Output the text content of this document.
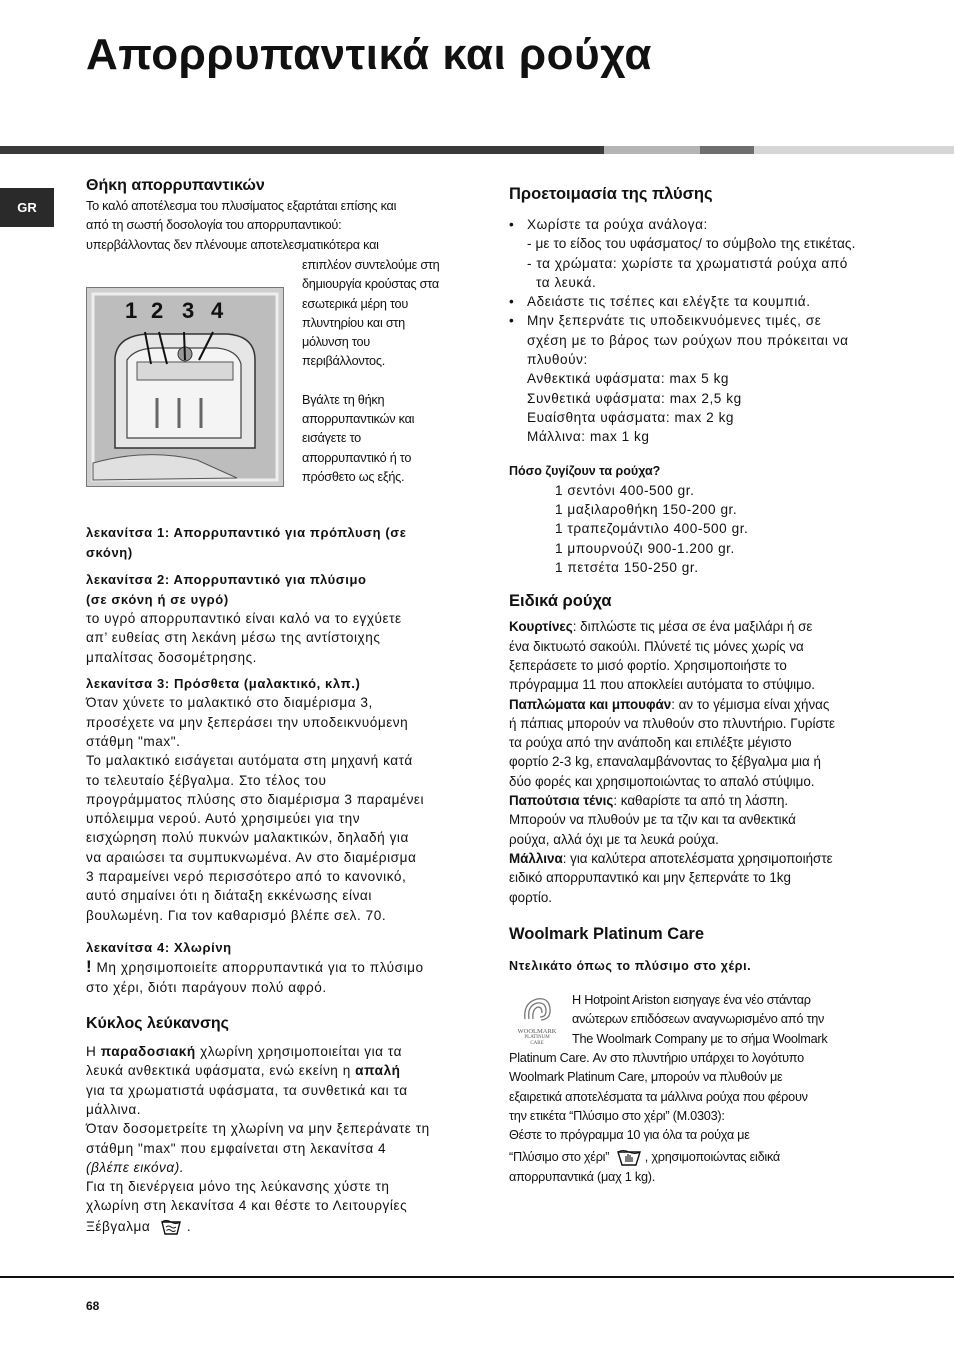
Απορρυπαντικά και ρούχα
GR
Θήκη απορρυπαντικών
Το καλό αποτέλεσμα του πλυσίματος εξαρτάται επίσης και
από τη σωστή δοσολογία του απορρυπαντικού:
υπερβάλλοντας δεν πλένουμε αποτελεσματικότερα και
1 2 3 4
επιπλέον συντελούμε στη
δημιουργία κρούστας στα
εσωτερικά μέρη του
πλυντηρίου και στη
μόλυνση του
περιβάλλοντος.
Βγάλτε τη θήκη
απορρυπαντικών και
εισάγετε το
απορρυπαντικό ή το
πρόσθετο ως εξής.
λεκανίτσα 1: Απορρυπαντικό για πρόπλυση (σε
σκόνη)
λεκανίτσα 2: Απορρυπαντικό για πλύσιμο
(σε σκόνη ή σε υγρό)
το υγρό απορρυπαντικό είναι καλό να το εγχύετε
απ’ ευθείας στη λεκάνη μέσω της αντίστοιχης
μπαλίτσας δοσομέτρησης.
λεκανίτσα 3: Πρόσθετα (μαλακτικό, κλπ.)
Όταν χύνετε το μαλακτικό στο διαμέρισμα 3,
προσέχετε να μην ξεπεράσει την υποδεικνυόμενη
στάθμη "max".
Το μαλακτικό εισάγεται αυτόματα στη μηχανή κατά
το τελευταίο ξέβγαλμα. Στο τέλος του
προγράμματος πλύσης στο διαμέρισμα 3 παραμένει
υπόλειμμα νερού. Αυτό χρησιμεύει για την
εισχώρηση πολύ πυκνών μαλακτικών, δηλαδή για
να αραιώσει τα συμπυκνωμένα. Αν στο διαμέρισμα
3 παραμείνει νερό περισσότερο από το κανονικό,
αυτό σημαίνει ότι η διάταξη εκκένωσης είναι
βουλωμένη. Για τον καθαρισμό βλέπε σελ. 70.
λεκανίτσα 4: Χλωρίνη
! Μη χρησιμοποιείτε απορρυπαντικά για το πλύσιμο
στο χέρι, διότι παράγουν πολύ αφρό.
Κύκλος λεύκανσης
Η παραδοσιακή χλωρίνη χρησιμοποιείται για τα
λευκά ανθεκτικά υφάσματα, ενώ εκείνη η απαλή
για τα χρωματιστά υφάσματα, τα συνθετικά και τα
μάλλινα.
Όταν δοσομετρείτε τη χλωρίνη να μην ξεπεράνατε τη
στάθμη "max" που εμφαίνεται στη λεκανίτσα 4
(βλέπε εικόνα).
Για τη διενέργεια μόνο της λεύκανσης χύστε τη
χλωρίνη στη λεκανίτσα 4 και θέστε το Λειτουργίες
Ξέβγαλμα  .
Προετοιμασία της πλύσης
• Χωρίστε τα ρούχα ανάλογα:
- με το είδος του υφάσματος/ το σύμβολο της ετικέτας.
- τα χρώματα: χωρίστε τα χρωματιστά ρούχα από
τα λευκά.
• Αδειάστε τις τσέπες και ελέγξτε τα κουμπιά.
• Μην ξεπερνάτε τις υποδεικνυόμενες τιμές, σε
σχέση με το βάρος των ρούχων που πρόκειται να
πλυθούν:
Ανθεκτικά υφάσματα: max 5 kg
Συνθετικά υφάσματα: max 2,5 kg
Ευαίσθητα υφάσματα: max 2 kg
Μάλλινα: max 1 kg
Πόσο ζυγίζουν τα ρούχα?
1 σεντόνι 400-500 gr.
1 μαξιλαροθήκη 150-200 gr.
1 τραπεζομάντιλο 400-500 gr.
1 μπουρνούζι 900-1.200 gr.
1 πετσέτα 150-250 gr.
Ειδικά ρούχα
Κουρτίνες: διπλώστε τις μέσα σε ένα μαξιλάρι ή σε
ένα δικτυωτό σακούλι. Πλύνετέ τις μόνες χωρίς να
ξεπεράσετε το μισό φορτίο. Χρησιμοποιήστε το
πρόγραμμα 11 που αποκλείει αυτόματα το στύψιμο.
Παπλώματα και μπουφάν: αν το γέμισμα είναι χήνας
ή πάπιας μπορούν να πλυθούν στο πλυντήριο. Γυρίστε
τα ρούχα από την ανάποδη και επιλέξτε μέγιστο
φορτίο 2-3 kg, επαναλαμβάνοντας το ξέβγαλμα μια ή
δύο φορές και χρησιμοποιώντας το απαλό στύψιμο.
Παπούτσια τένις: καθαρίστε τα από τη λάσπη.
Μπορούν να πλυθούν με τα τζιν και τα ανθεκτικά
ρούχα, αλλά όχι με τα λευκά ρούχα.
Μάλλινα: για καλύτερα αποτελέσματα χρησιμοποιήστε
ειδικό απορρυπαντικό και μην ξεπερνάτε το 1kg
φορτίο.
Woolmark Platinum Care
Ντελικάτο όπως το πλύσιμο στο χέρι.
WOOLMARK
PLATINUM
CARE
Η Hotpoint Ariston εισηγαγε ένα νέο στάνταρ
ανώτερων επιδόσεων αναγνωρισμένο από την
The Woolmark Company με το σήμα Woolmark
Platinum Care. Αν στο πλυντήριο υπάρχει το λογότυπο
Woolmark Platinum Care, μπορούν να πλυθούν με
εξαιρετικά αποτελέσματα τα μάλλινα ρούχα που φέρουν
την ετικέτα “Πλύσιμο στο χέρι” (M.0303):
Θέστε το πρόγραμμα 10 για όλα τα ρούχα με
“Πλύσιμο στο χέρι”	, χρησιμοποιώντας ειδικά
απορρυπαντικά (μαχ 1 kg).
68
